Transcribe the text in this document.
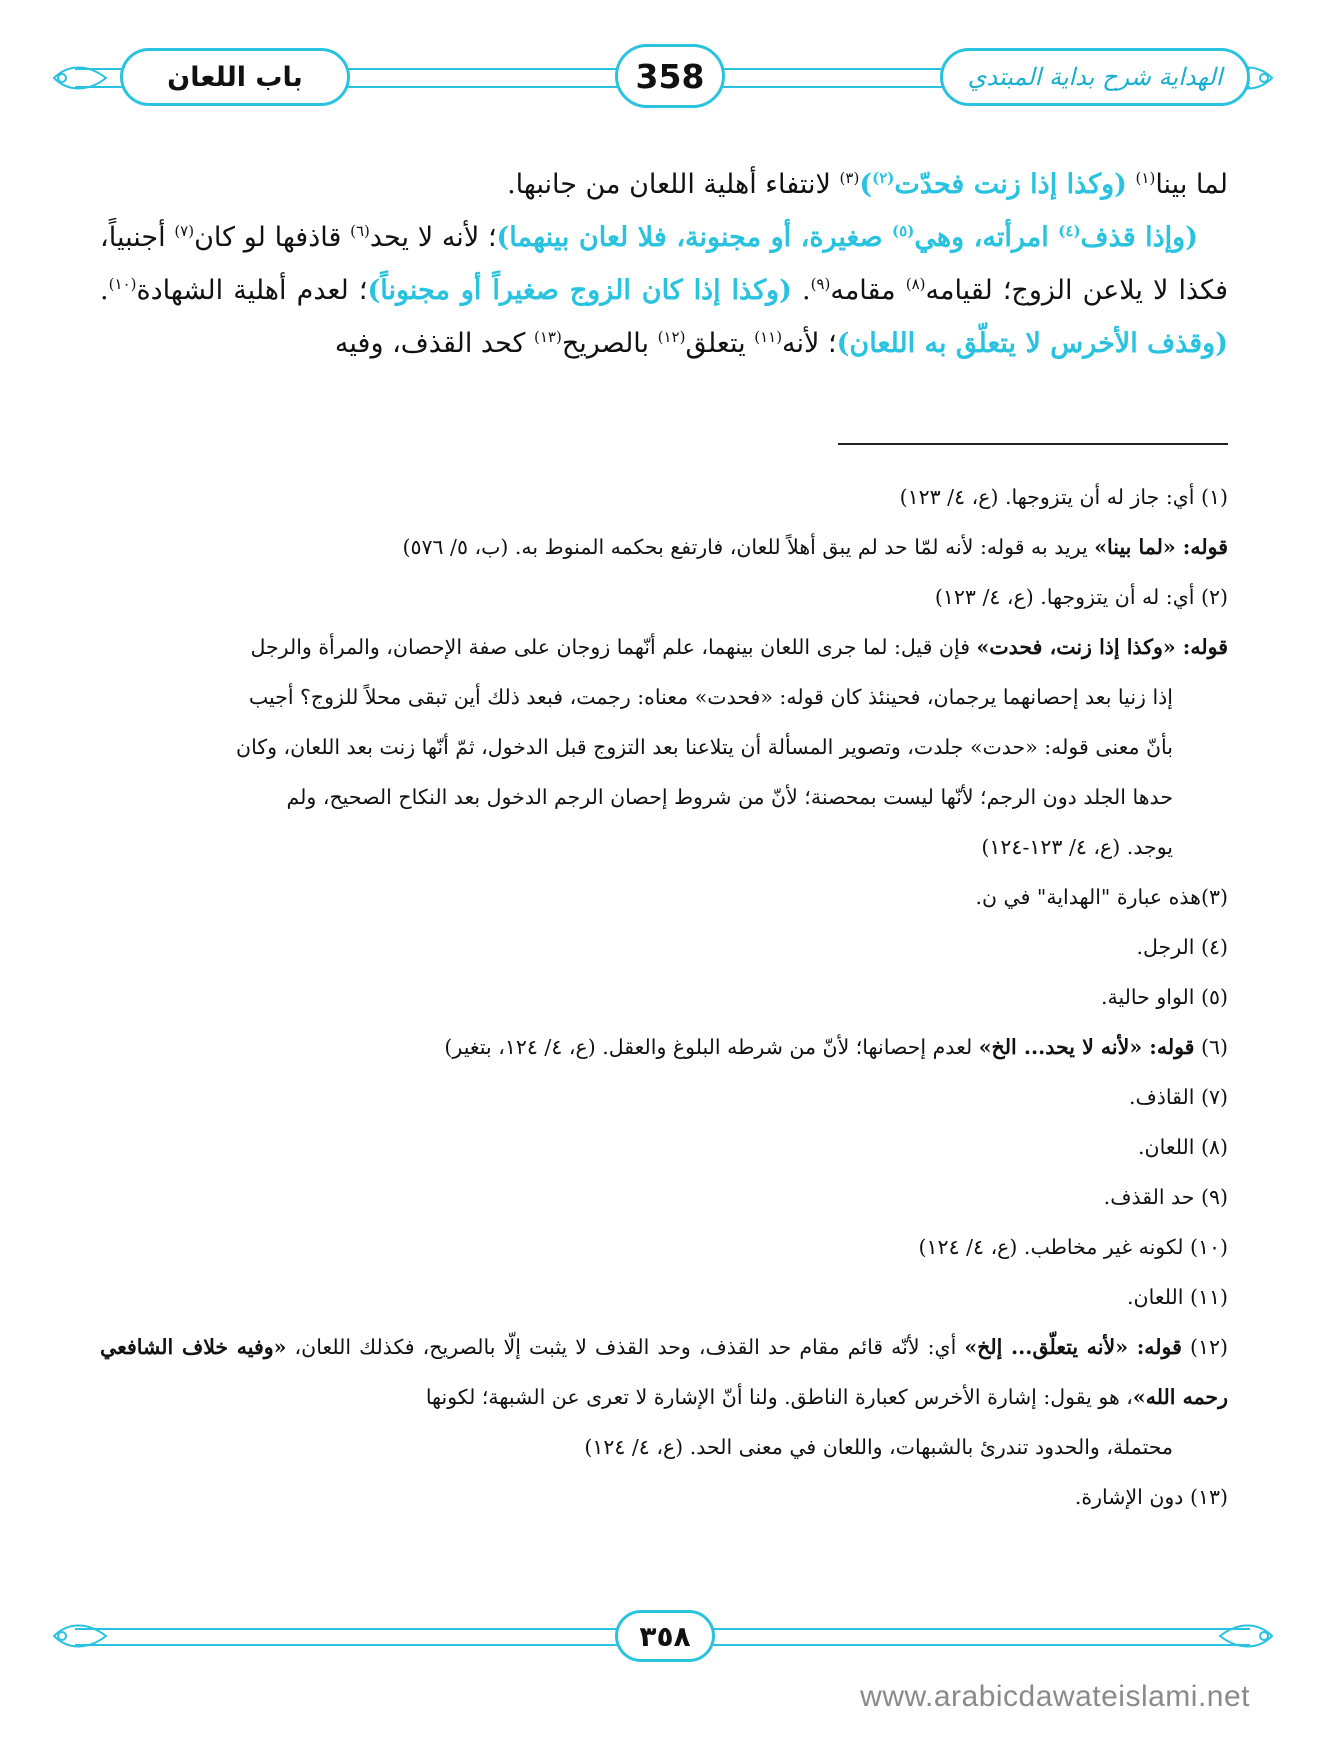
باب اللعان	358	الهداية شرح بداية المبتدي

لما بينا$^{(١)}$ (وكذا إذا زنت فحدّت$^{(٢)}$)$^{(٣)}$ لانتفاء أهلية اللعان من جانبها.

(وإذا قذف$^{(٤)}$ امرأته، وهي$^{(٥)}$ صغيرة، أو مجنونة، فلا لعان بينهما)؛ لأنه لا يحد$^{(٦)}$ قاذفها لو كان$^{(٧)}$ أجنبياً، فكذا لا يلاعن الزوج؛ لقيامه$^{(٨)}$ مقامه$^{(٩)}$. (وكذا إذا كان الزوج صغيراً أو مجنوناً)؛ لعدم أهلية الشهادة$^{(١٠)}$. (وقذف الأخرس لا يتعلّق به اللعان)؛ لأنه$^{(١١)}$ يتعلق$^{(١٢)}$ بالصريح$^{(١٣)}$ كحد القذف، وفيه

(١) أي: جاز له أن يتزوجها. (ع، ٤/ ١٢٣)

قوله: «لما بينا» يريد به قوله: لأنه لمّا حد لم يبق أهلاً للعان، فارتفع بحكمه المنوط به. (ب، ٥/ ٥٧٦)

(٢) أي: له أن يتزوجها. (ع، ٤/ ١٢٣)

قوله: «وكذا إذا زنت، فحدت» فإن قيل: لما جرى اللعان بينهما، علم أنّهما زوجان على صفة الإحصان، والمرأة والرجل
إذا زنيا بعد إحصانهما يرجمان، فحينئذ كان قوله: «فحدت» معناه: رجمت، فبعد ذلك أين تبقى محلاً للزوج؟ أجيب
بأنّ معنى قوله: «حدت» جلدت، وتصوير المسألة أن يتلاعنا بعد التزوج قبل الدخول، ثمّ أنّها زنت بعد اللعان، وكان
حدها الجلد دون الرجم؛ لأنّها ليست بمحصنة؛ لأنّ من شروط إحصان الرجم الدخول بعد النكاح الصحيح، ولم
يوجد. (ع، ٤/ ١٢٣-١٢٤)

(٣)هذه عبارة "الهداية" في ن.

(٤) الرجل.

(٥) الواو حالية.

(٦) قوله: «لأنه لا يحد... الخ» لعدم إحصانها؛ لأنّ من شرطه البلوغ والعقل. (ع، ٤/ ١٢٤، بتغير)

(٧) القاذف.

(٨) اللعان.

(٩) حد القذف.

(١٠) لكونه غير مخاطب. (ع، ٤/ ١٢٤)

(١١) اللعان.

(١٢) قوله: «لأنه يتعلّق... إلخ» أي: لأنّه قائم مقام حد القذف، وحد القذف لا يثبت إلّا بالصريح، فكذلك اللعان، «وفيه خلاف الشافعي رحمه الله»، هو يقول: إشارة الأخرس كعبارة الناطق. ولنا أنّ الإشارة لا تعرى عن الشبهة؛ لكونها
محتملة، والحدود تندرئ بالشبهات، واللعان في معنى الحد. (ع، ٤/ ١٢٤)

(١٣) دون الإشارة.

٣٥٨
www.arabicdawateislami.net
